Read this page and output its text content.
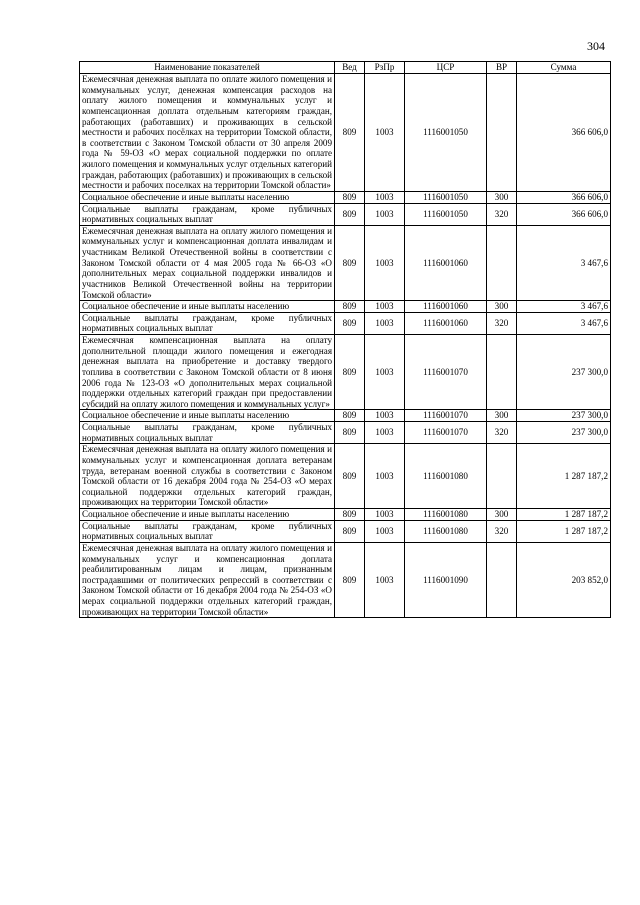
304
Наименование показателей	Вед	РзПр	ЦСР	ВР	Сумма
Ежемесячная денежная выплата по оплате жилого помещения и коммунальных услуг, денежная компенсация расходов на оплату жилого помещения и коммунальных услуг и компенсационная доплата отдельным категориям граждан, работающих (работавших) и проживающих в сельской местности и рабочих посёлках на территории Томской области, в соответствии с Законом Томской области от 30 апреля 2009 года № 59-ОЗ «О мерах социальной поддержки по оплате жилого помещения и коммунальных услуг отдельных категорий граждан, работающих (работавших) и проживающих в сельской местности и рабочих поселках на территории Томской области»	809	1003	1116001050		366 606,0
Социальное обеспечение и иные выплаты населению	809	1003	1116001050	300	366 606,0
Социальные выплаты гражданам, кроме публичных нормативных социальных выплат	809	1003	1116001050	320	366 606,0
Ежемесячная денежная выплата на оплату жилого помещения и коммунальных услуг и компенсационная доплата инвалидам и участникам Великой Отечественной войны в соответствии с Законом Томской области от 4 мая 2005 года № 66-ОЗ «О дополнительных мерах социальной поддержки инвалидов и участников Великой Отечественной войны на территории Томской области»	809	1003	1116001060		3 467,6
Социальное обеспечение и иные выплаты населению	809	1003	1116001060	300	3 467,6
Социальные выплаты гражданам, кроме публичных нормативных социальных выплат	809	1003	1116001060	320	3 467,6
Ежемесячная компенсационная выплата на оплату дополнительной площади жилого помещения и ежегодная денежная выплата на приобретение и доставку твердого топлива в соответствии с Законом Томской области от 8 июня 2006 года № 123-ОЗ «О дополнительных мерах социальной поддержки отдельных категорий граждан при предоставлении субсидий на оплату жилого помещения и коммунальных услуг»	809	1003	1116001070		237 300,0
Социальное обеспечение и иные выплаты населению	809	1003	1116001070	300	237 300,0
Социальные выплаты гражданам, кроме публичных нормативных социальных выплат	809	1003	1116001070	320	237 300,0
Ежемесячная денежная выплата на оплату жилого помещения и коммунальных услуг и компенсационная доплата ветеранам труда, ветеранам военной службы в соответствии с Законом Томской области от 16 декабря 2004 года № 254-ОЗ «О мерах социальной поддержки отдельных категорий граждан, проживающих на территории Томской области»	809	1003	1116001080		1 287 187,2
Социальное обеспечение и иные выплаты населению	809	1003	1116001080	300	1 287 187,2
Социальные выплаты гражданам, кроме публичных нормативных социальных выплат	809	1003	1116001080	320	1 287 187,2
Ежемесячная денежная выплата на оплату жилого помещения и коммунальных услуг и компенсационная доплата реабилитированным лицам и лицам, признанным пострадавшими от политических репрессий в соответствии с Законом Томской области от 16 декабря 2004 года № 254-ОЗ «О мерах социальной поддержки отдельных категорий граждан, проживающих на территории Томской области»	809	1003	1116001090		203 852,0
